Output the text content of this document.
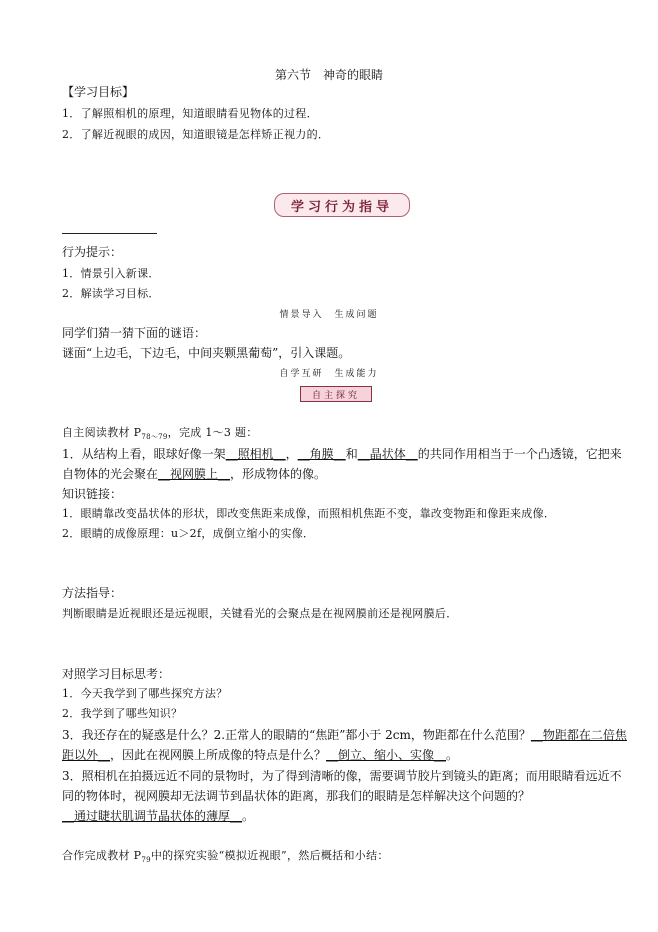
第六节　神奇的眼睛
【学习目标】
1．了解照相机的原理，知道眼睛看见物体的过程．
2．了解近视眼的成因，知道眼镜是怎样矫正视力的．
学习行为指导
行为提示：
1．情景引入新课．
2．解读学习目标．
情景导入　生成问题
同学们猜一猜下面的谜语：
谜面“上边毛，下边毛，中间夹颗黑葡萄”，引入课题。
自学互研　生成能力
自主探究
自主阅读教材 $P_{78\sim 79}$，完成 1～3 题：
1．从结构上看，眼球好像一架__照相机__，__角膜__和__晶状体__的共同作用相当于一个凸透镜，它把来
自物体的光会聚在__视网膜上__，形成物体的像。
知识链接：
1．眼睛靠改变晶状体的形状，即改变焦距来成像，而照相机焦距不变，靠改变物距和像距来成像．
2．眼睛的成像原理：u＞2f，成倒立缩小的实像．
方法指导：
判断眼睛是近视眼还是远视眼，关键看光的会聚点是在视网膜前还是视网膜后．
对照学习目标思考：
1．今天我学到了哪些探究方法？
2．我学到了哪些知识？
3．我还存在的疑惑是什么？2.正常人的眼睛的“焦距”都小于 2cm，物距都在什么范围？__物距都在二倍焦
距以外__，因此在视网膜上所成像的特点是什么？__倒立、缩小、实像__。
3．照相机在拍摄远近不同的景物时，为了得到清晰的像，需要调节胶片到镜头的距离；而用眼睛看远近不
同的物体时，视网膜却无法调节到晶状体的距离，那我们的眼睛是怎样解决这个问题的？
__通过睫状肌调节晶状体的薄厚__。
合作完成教材 $P_{79}$中的探究实验“模拟近视眼”，然后概括和小结：
